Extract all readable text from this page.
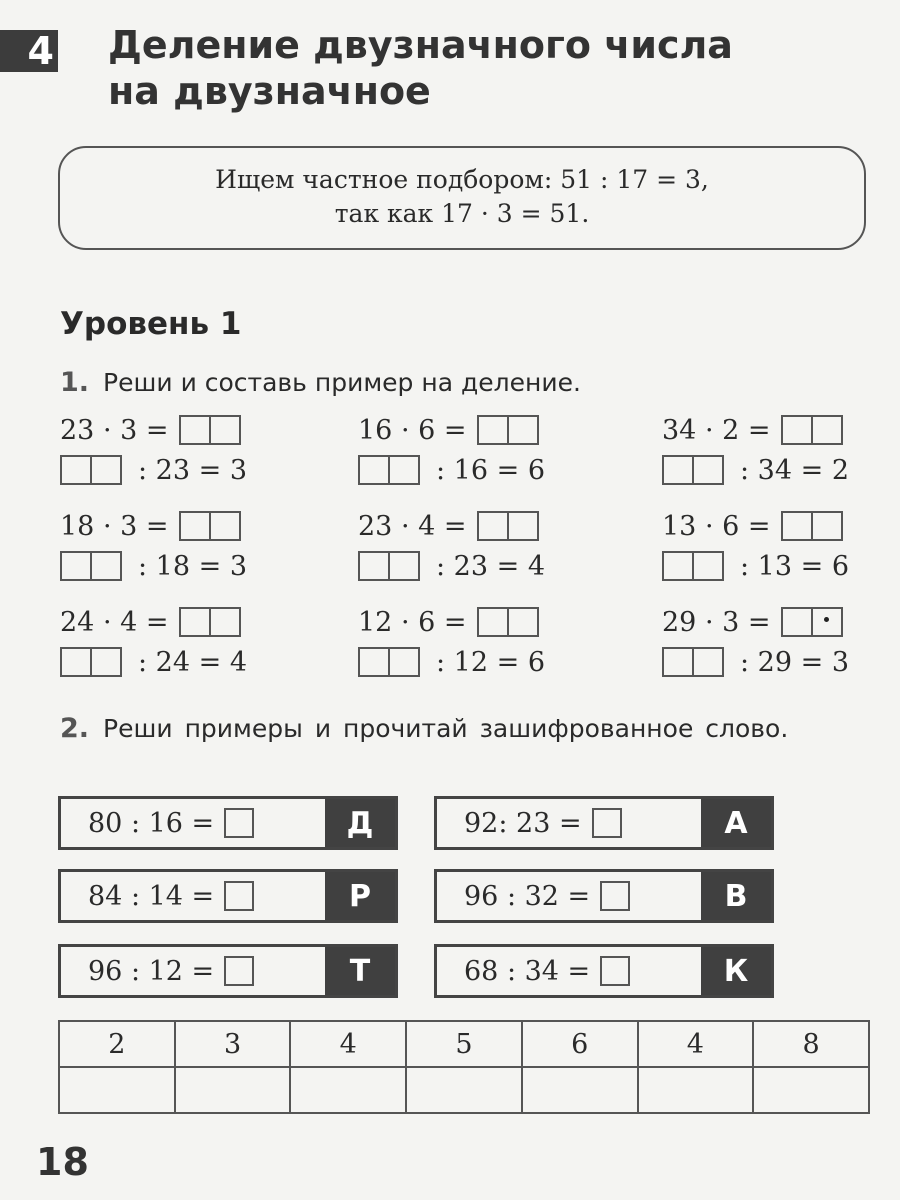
4 Деление двузначного числа
на двузначное
Ищем частное подбором: 51 : 17 = 3,
так как 17 · 3 = 51.
Уровень 1
1. Реши и составь пример на деление.
23 · 3 =
: 23 = 3
16 · 6 =
: 16 = 6
34 · 2 =
: 34 = 2
18 · 3 =
: 18 = 3
23 · 4 =
: 23 = 4
13 · 6 =
: 13 = 6
24 · 4 =
: 24 = 4
12 · 6 =
: 12 = 6
29 · 3 =
: 29 = 3
2. Реши примеры и прочитай зашифрованное слово.
80 : 16 =	Д	92: 23 =	А
84 : 14 =	Р	96 : 32 =	В
96 : 12 =	Т	68 : 34 =	К
2	3	4	5	6	4	8

18
